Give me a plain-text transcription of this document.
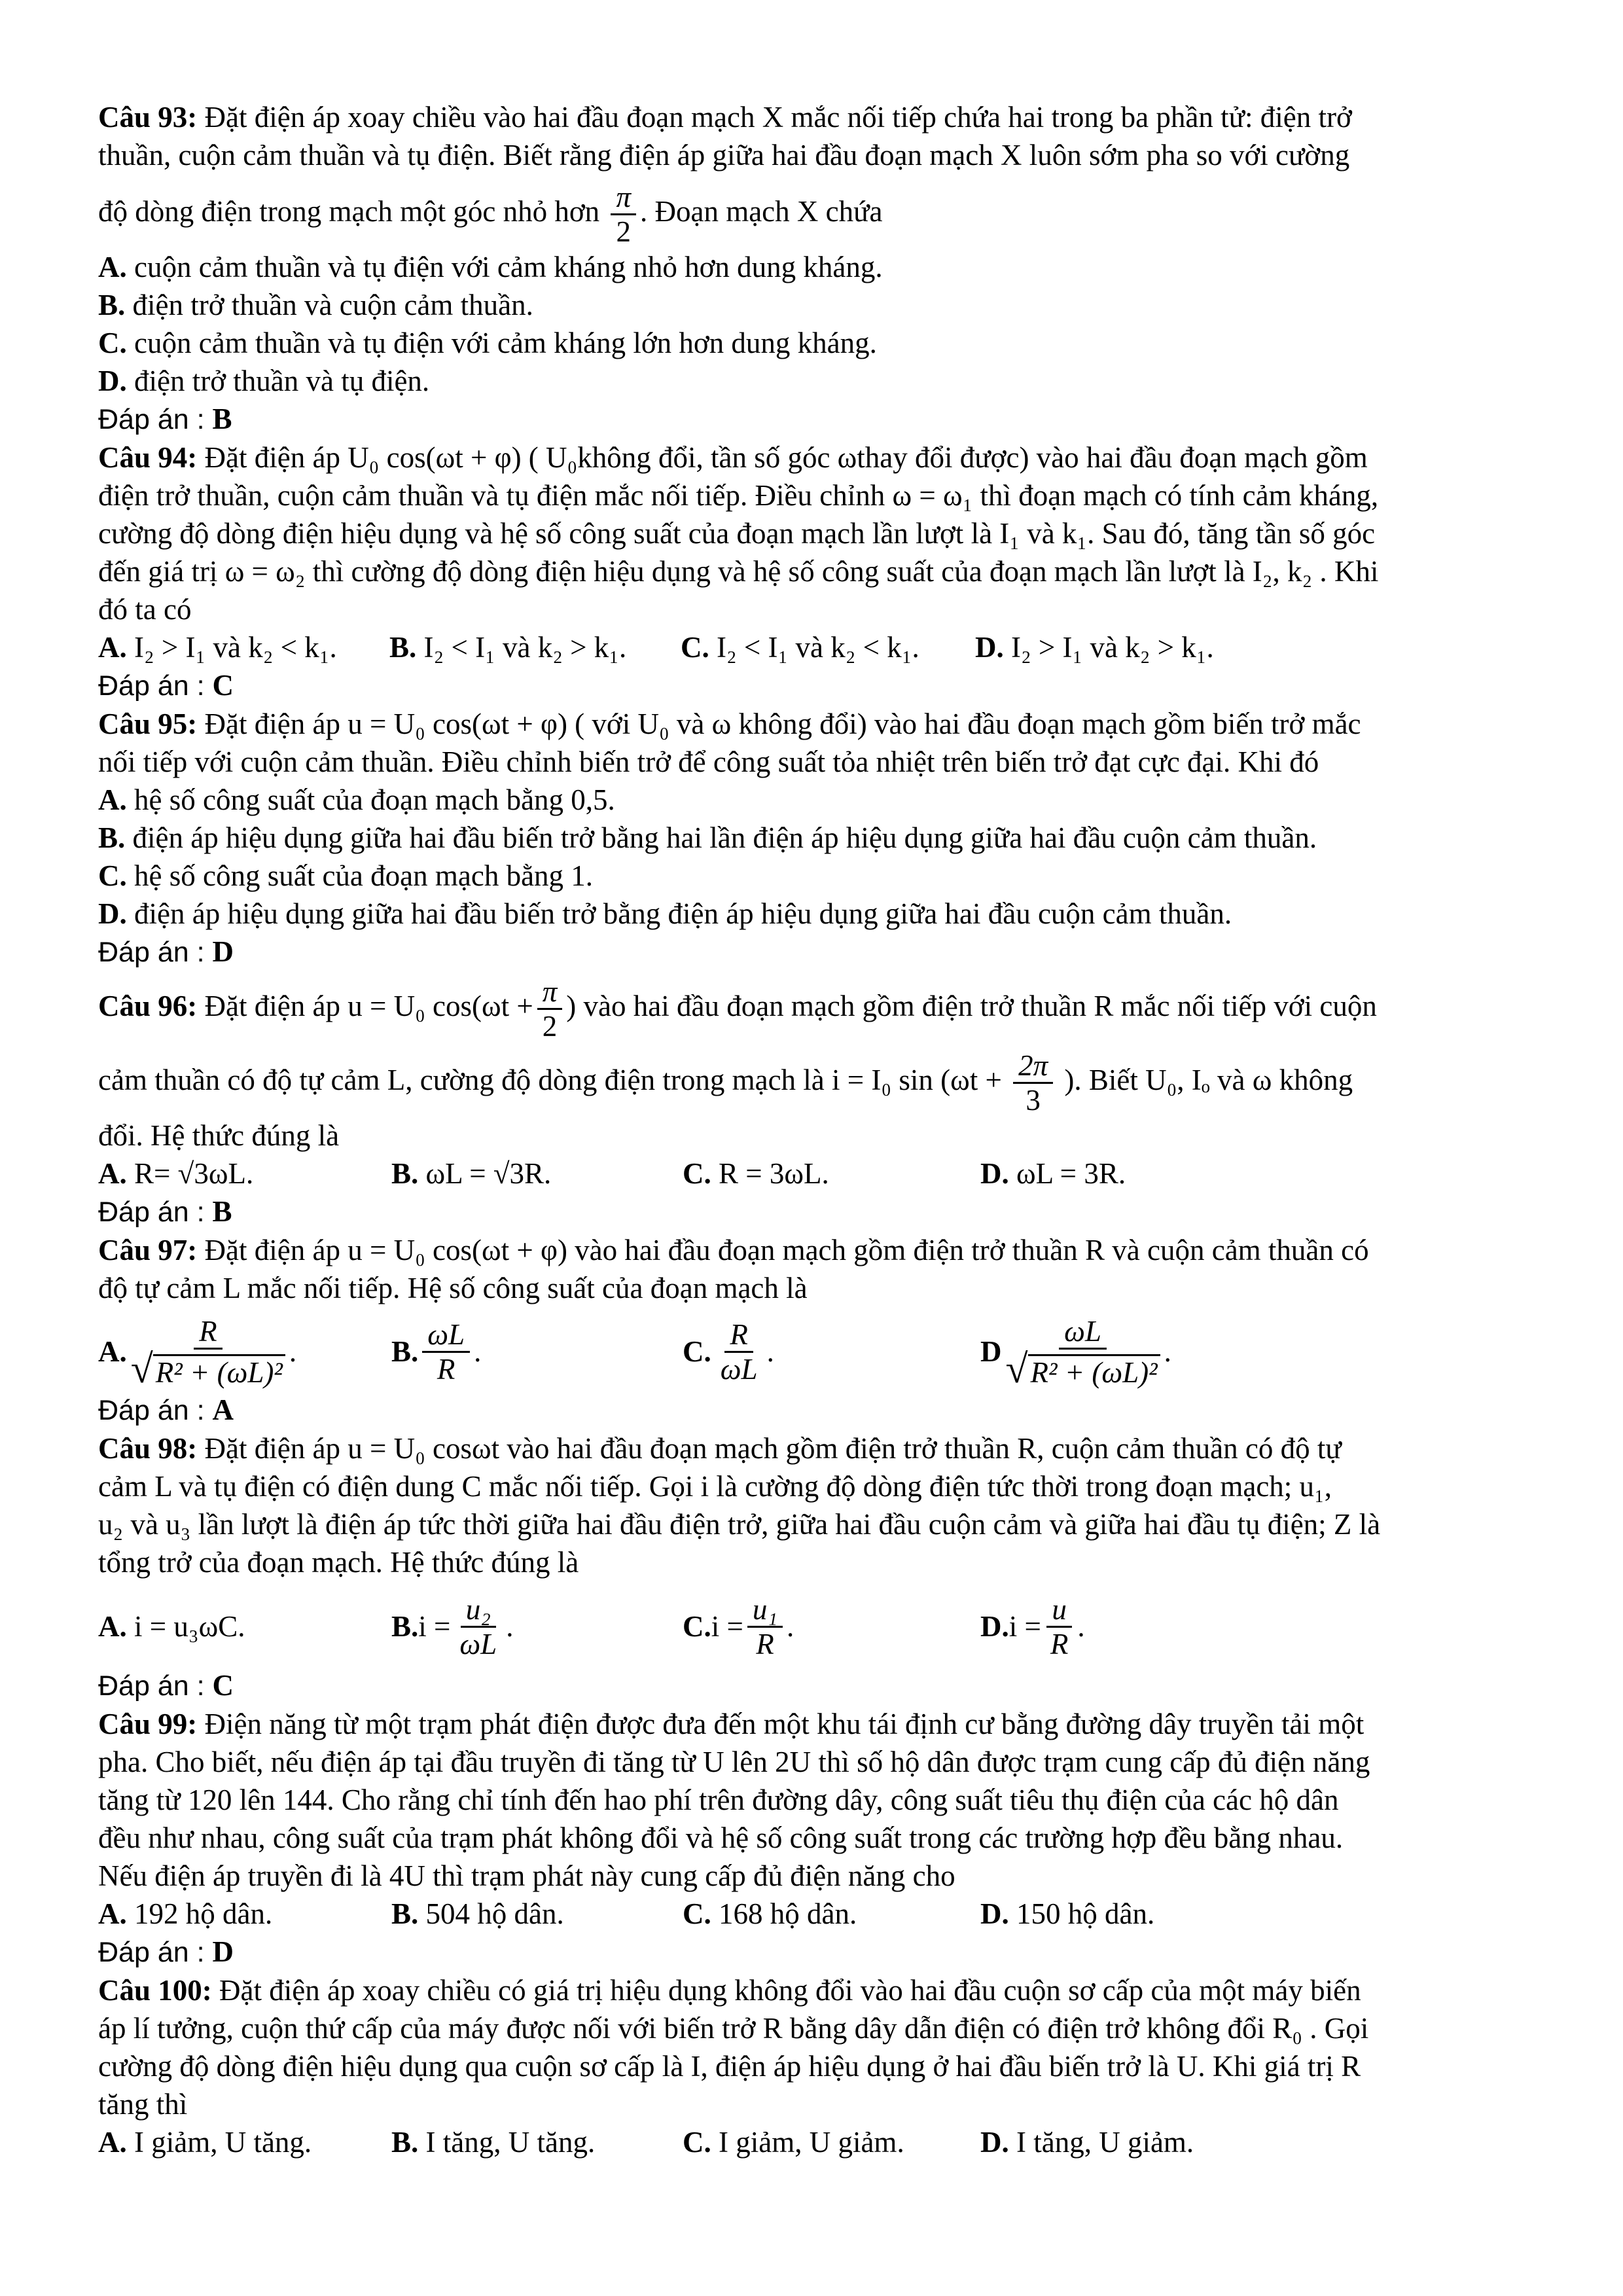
Câu 93: Đặt điện áp xoay chiều vào hai đầu đoạn mạch X mắc nối tiếp chứa hai trong ba phần tử: điện trở

thuần, cuộn cảm thuần và tụ điện. Biết rằng điện áp giữa hai đầu đoạn mạch X luôn sớm pha so với cường

độ dòng điện trong mạch một góc nhỏ hơn $\frac{\pi}{2}$ . Đoạn mạch X chứa

A. cuộn cảm thuần và tụ điện với cảm kháng nhỏ hơn dung kháng.

B. điện trở thuần và cuộn cảm thuần.

C. cuộn cảm thuần và tụ điện với cảm kháng lớn hơn dung kháng.

D. điện trở thuần và tụ điện.

Đáp án : B

Câu 94: Đặt điện áp U₀ cos(ωt + φ) ( U₀không đổi, tần số góc ωthay đổi được) vào hai đầu đoạn mạch gồm

điện trở thuần, cuộn cảm thuần và tụ điện mắc nối tiếp. Điều chỉnh ω = ω₁ thì đoạn mạch có tính cảm kháng,

cường độ dòng điện hiệu dụng và hệ số công suất của đoạn mạch lần lượt là I₁ và k₁. Sau đó, tăng tần số góc

đến giá trị ω = ω₂ thì cường độ dòng điện hiệu dụng và hệ số công suất của đoạn mạch lần lượt là I₂, k₂ . Khi

đó ta có

A. I₂ > I₁ và k₂ < k₁.	B. I₂ < I₁ và k₂ > k₁.	C. I₂ < I₁ và k₂ < k₁.	D. I₂ > I₁ và k₂ > k₁.

Đáp án : C

Câu 95: Đặt điện áp u = U₀ cos(ωt + φ) ( với U₀ và ω không đổi) vào hai đầu đoạn mạch gồm biến trở mắc

nối tiếp với cuộn cảm thuần. Điều chỉnh biến trở để công suất tỏa nhiệt trên biến trở đạt cực đại. Khi đó

A. hệ số công suất của đoạn mạch bằng 0,5.

B. điện áp hiệu dụng giữa hai đầu biến trở bằng hai lần điện áp hiệu dụng giữa hai đầu cuộn cảm thuần.

C. hệ số công suất của đoạn mạch bằng 1.

D. điện áp hiệu dụng giữa hai đầu biến trở bằng điện áp hiệu dụng giữa hai đầu cuộn cảm thuần.

Đáp án : D

Câu 96: Đặt điện áp u = U₀ $\cos(\omega t + \frac{\pi}{2}$ ) vào hai đầu đoạn mạch gồm điện trở thuần R mắc nối tiếp với cuộn

cảm thuần có độ tự cảm L, cường độ dòng điện trong mạch là i = I₀ $\sin (\omega t + \frac{2\pi}{3}$ ). Biết U₀, Iₒ và ω không

đổi. Hệ thức đúng là

A. R= √3ωL.	B. ωL = √3R.	C. R = 3ωL.	D. ωL = 3R.

Đáp án : B

Câu 97: Đặt điện áp u = U₀ cos(ωt + φ) vào hai đầu đoạn mạch gồm điện trở thuần R và cuộn cảm thuần có

độ tự cảm L mắc nối tiếp. Hệ số công suất của đoạn mạch là

A. $\frac{R}{\text{√ R² + (ωL)²}}$ .	B. $\frac{\omega L}{R}$ .	C. $\frac{R}{\omega L}$ .	D $\frac{\omega L}{\text{√ R² + (ωL)²}}$ .

Đáp án : A

Câu 98: Đặt điện áp u = U₀ cosωt vào hai đầu đoạn mạch gồm điện trở thuần R, cuộn cảm thuần có độ tự

cảm L và tụ điện có điện dung C mắc nối tiếp. Gọi i là cường độ dòng điện tức thời trong đoạn mạch; u₁,

u₂ và u₃ lần lượt là điện áp tức thời giữa hai đầu điện trở, giữa hai đầu cuộn cảm và giữa hai đầu tụ điện; Z là

tổng trở của đoạn mạch. Hệ thức đúng là

A. i = u₃ωC.	B. $i = \frac{\text{u₂}}{\omega L}$ .	C. $i = \frac{\text{u₁}}{R}$ .	D. $i = \frac{u}{R}$ .

Đáp án : C

Câu 99: Điện năng từ một trạm phát điện được đưa đến một khu tái định cư bằng đường dây truyền tải một

pha. Cho biết, nếu điện áp tại đầu truyền đi tăng từ U lên 2U thì số hộ dân được trạm cung cấp đủ điện năng

tăng từ 120 lên 144. Cho rằng chỉ tính đến hao phí trên đường dây, công suất tiêu thụ điện của các hộ dân

đều như nhau, công suất của trạm phát không đổi và hệ số công suất trong các trường hợp đều bằng nhau.

Nếu điện áp truyền đi là 4U thì trạm phát này cung cấp đủ điện năng cho

A. 192 hộ dân.	B. 504 hộ dân.	C. 168 hộ dân.	D. 150 hộ dân.

Đáp án : D

Câu 100: Đặt điện áp xoay chiều có giá trị hiệu dụng không đổi vào hai đầu cuộn sơ cấp của một máy biến

áp lí tưởng, cuộn thứ cấp của máy được nối với biến trở R bằng dây dẫn điện có điện trở không đổi R₀ . Gọi

cường độ dòng điện hiệu dụng qua cuộn sơ cấp là I, điện áp hiệu dụng ở hai đầu biến trở là U. Khi giá trị R

tăng thì

A. I giảm, U tăng.	B. I tăng, U tăng.	C. I giảm, U giảm.	D. I tăng, U giảm.
